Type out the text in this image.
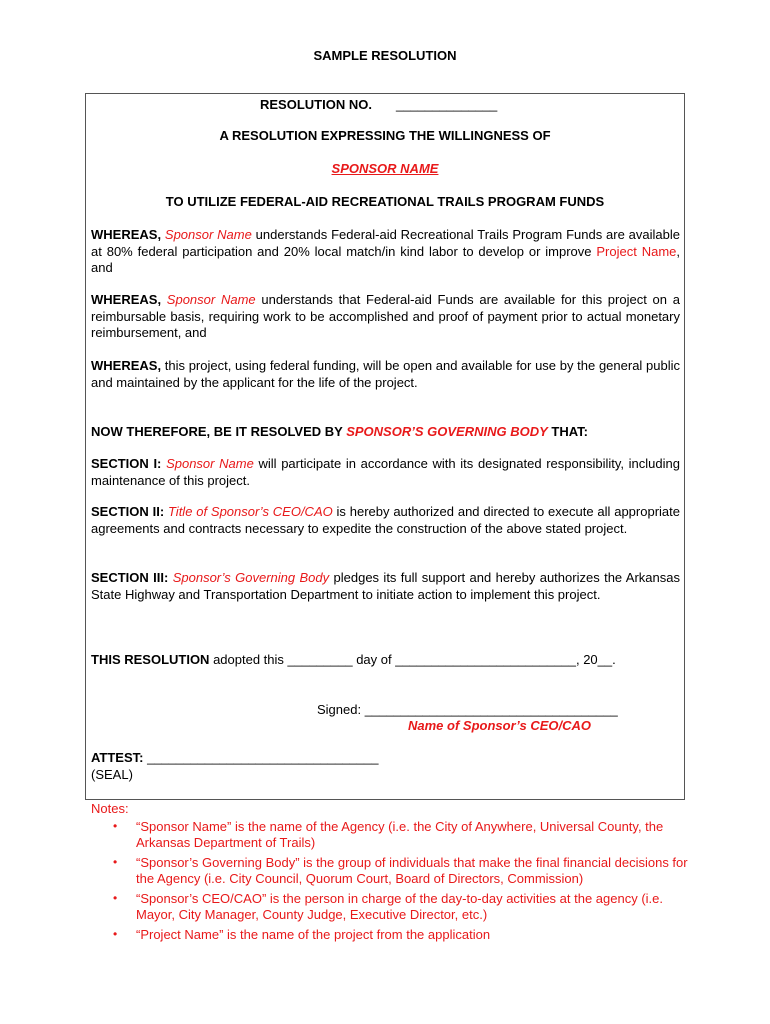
SAMPLE RESOLUTION
RESOLUTION NO. ______________
A RESOLUTION EXPRESSING THE WILLINGNESS OF
SPONSOR NAME
TO UTILIZE FEDERAL-AID RECREATIONAL TRAILS PROGRAM FUNDS
WHEREAS, Sponsor Name understands Federal-aid Recreational Trails Program Funds are available at 80% federal participation and 20% local match/in kind labor to develop or improve Project Name, and
WHEREAS, Sponsor Name understands that Federal-aid Funds are available for this project on a reimbursable basis, requiring work to be accomplished and proof of payment prior to actual monetary reimbursement, and
WHEREAS, this project, using federal funding, will be open and available for use by the general public and maintained by the applicant for the life of the project.
NOW THEREFORE, BE IT RESOLVED BY SPONSOR’S GOVERNING BODY THAT:
SECTION I: Sponsor Name will participate in accordance with its designated responsibility, including maintenance of this project.
SECTION II: Title of Sponsor’s CEO/CAO is hereby authorized and directed to execute all appropriate agreements and contracts necessary to expedite the construction of the above stated project.
SECTION III: Sponsor’s Governing Body pledges its full support and hereby authorizes the Arkansas State Highway and Transportation Department to initiate action to implement this project.
THIS RESOLUTION adopted this _________ day of _________________________, 20__.
Signed: ___________________________________
Name of Sponsor’s CEO/CAO
ATTEST: ________________________________
(SEAL)
Notes:
• “Sponsor Name” is the name of the Agency (i.e. the City of Anywhere, Universal County, the Arkansas Department of Trails)
• “Sponsor’s Governing Body” is the group of individuals that make the final financial decisions for the Agency (i.e. City Council, Quorum Court, Board of Directors, Commission)
• “Sponsor’s CEO/CAO” is the person in charge of the day-to-day activities at the agency (i.e. Mayor, City Manager, County Judge, Executive Director, etc.)
• “Project Name” is the name of the project from the application
